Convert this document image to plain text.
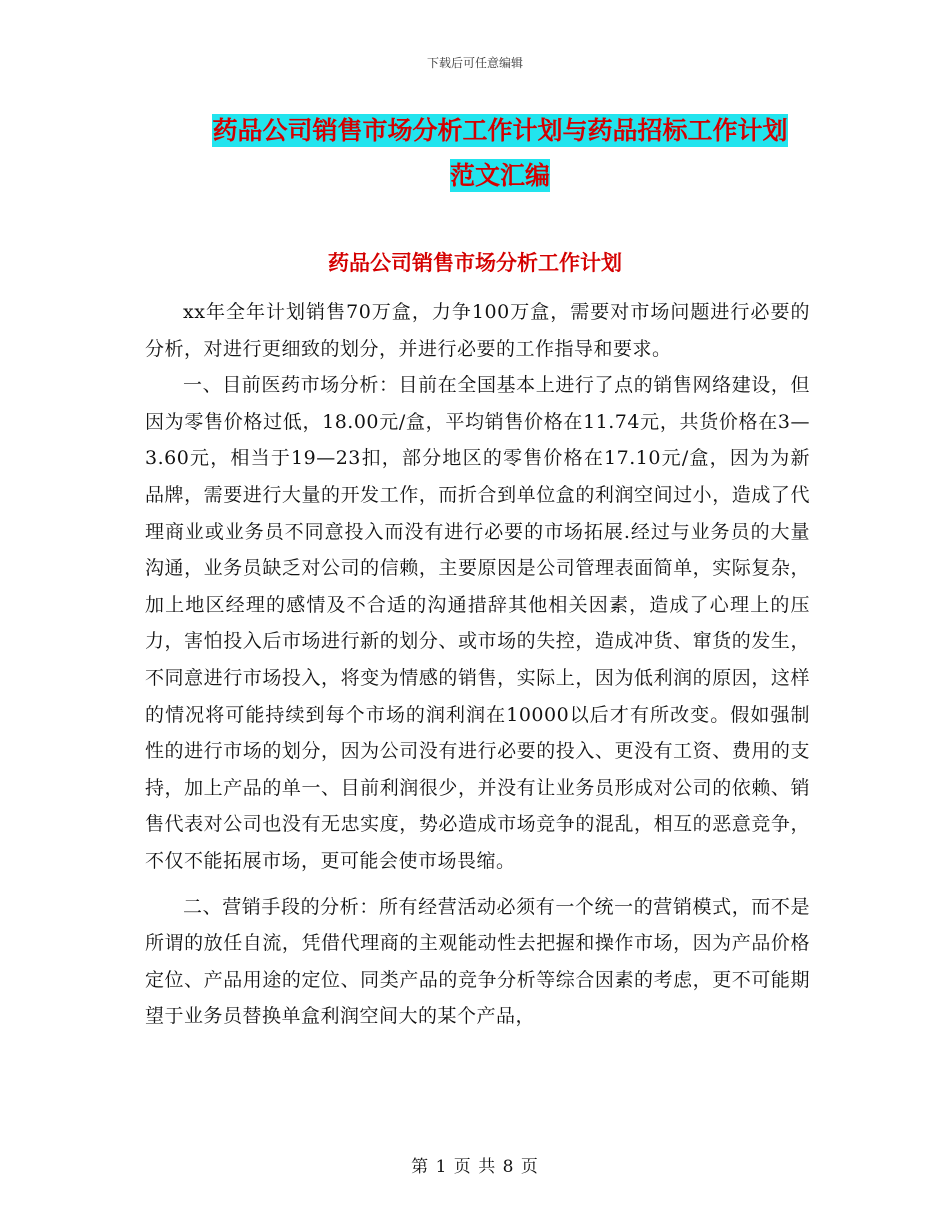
下载后可任意编辑
药品公司销售市场分析工作计划与药品招标工作计划
范文汇编
药品公司销售市场分析工作计划

xx年全年计划销售70万盒，力争100万盒，需要对市场问题进行必要的分析，对进行更细致的划分，并进行必要的工作指导和要求。

一、目前医药市场分析：目前在全国基本上进行了点的销售网络建设，但因为零售价格过低，18.00元/盒，平均销售价格在11.74元，共货价格在3—3.60元，相当于19—23扣，部分地区的零售价格在17.10元/盒，因为为新品牌，需要进行大量的开发工作，而折合到单位盒的利润空间过小，造成了代理商业或业务员不同意投入而没有进行必要的市场拓展.经过与业务员的大量沟通，业务员缺乏对公司的信赖，主要原因是公司管理表面简单，实际复杂，加上地区经理的感情及不合适的沟通措辞其他相关因素，造成了心理上的压力，害怕投入后市场进行新的划分、或市场的失控，造成冲货、窜货的发生，不同意进行市场投入，将变为情感的销售，实际上，因为低利润的原因，这样的情况将可能持续到每个市场的润利润在10000以后才有所改变。假如强制性的进行市场的划分，因为公司没有进行必要的投入、更没有工资、费用的支持，加上产品的单一、目前利润很少，并没有让业务员形成对公司的依赖、销售代表对公司也没有无忠实度，势必造成市场竞争的混乱，相互的恶意竞争，不仅不能拓展市场，更可能会使市场畏缩。

二、营销手段的分析：所有经营活动必须有一个统一的营销模式，而不是所谓的放任自流，凭借代理商的主观能动性去把握和操作市场，因为产品价格定位、产品用途的定位、同类产品的竞争分析等综合因素的考虑，更不可能期望于业务员替换单盒利润空间大的某个产品，

第 1 页 共 8 页
